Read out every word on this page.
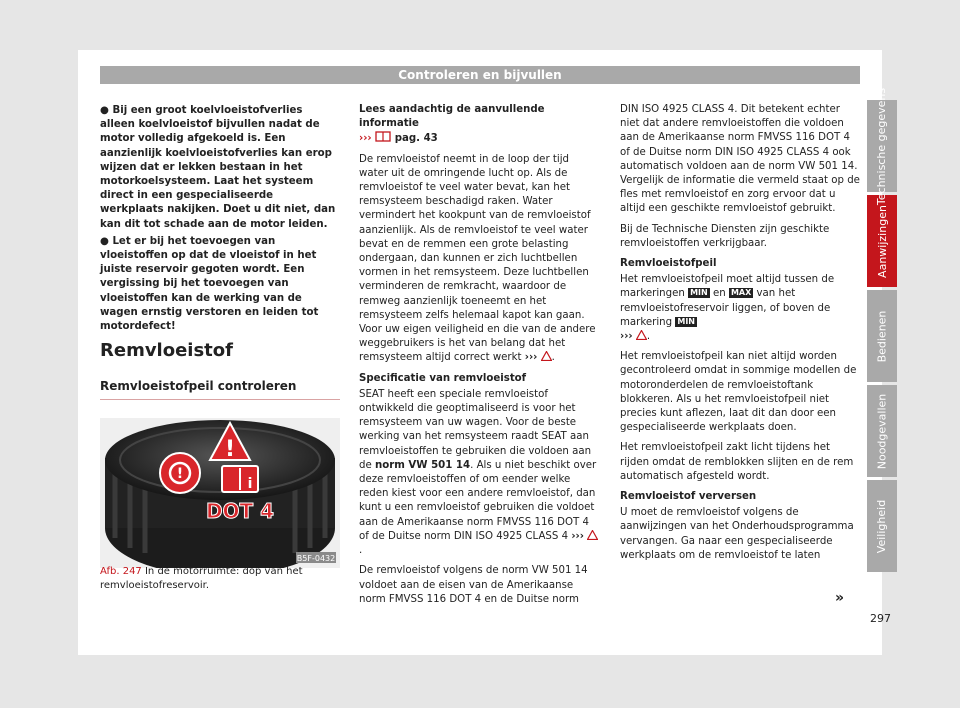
Controleren en bijvullen

● Bij een groot koelvloeistofverlies alleen koelvloeistof bijvullen nadat de motor volledig afgekoeld is. Een aanzienlijk koelvloeistofverlies kan erop wijzen dat er lekken bestaan in het motorkoelsysteem. Laat het systeem direct in een gespecialiseerde werkplaats nakijken. Doet u dit niet, dan kan dit tot schade aan de motor leiden.

● Let er bij het toevoegen van vloeistoffen op dat de vloeistof in het juiste reservoir gegoten wordt. Een vergissing bij het toevoegen van vloeistoffen kan de werking van de wagen ernstig verstoren en leiden tot motordefect!

Remvloeistof
Remvloeistofpeil controleren
!
!
i
DOT 4
B5F-0432
Afb. 247 In de motorruimte: dop van het remvloeistofreservoir.

Lees aandachtig de aanvullende informatie
››› pag. 43

De remvloeistof neemt in de loop der tijd water uit de omringende lucht op. Als de remvloeistof te veel water bevat, kan het remsysteem beschadigd raken. Water vermindert het kookpunt van de remvloeistof aanzienlijk. Als de remvloeistof te veel water bevat en de remmen een grote belasting ondergaan, dan kunnen er zich luchtbellen vormen in het remsysteem. Deze luchtbellen verminderen de remkracht, waardoor de remweg aanzienlijk toeneemt en het remsysteem zelfs helemaal kapot kan gaan. Voor uw eigen veiligheid en die van de andere weggebruikers is het van belang dat het remsysteem altijd correct werkt ››› .

Specificatie van remvloeistof

SEAT heeft een speciale remvloeistof ontwikkeld die geoptimaliseerd is voor het remsysteem van uw wagen. Voor de beste werking van het remsysteem raadt SEAT aan remvloeistoffen te gebruiken die voldoen aan de norm VW 501 14. Als u niet beschikt over deze remvloeistoffen of om eender welke reden kiest voor een andere remvloeistof, dan kunt u een remvloeistof gebruiken die voldoet aan de Amerikaanse norm FMVSS 116 DOT 4 of de Duitse norm DIN ISO 4925 CLASS 4 ››› .

De remvloeistof volgens de norm VW 501 14 voldoet aan de eisen van de Amerikaanse norm FMVSS 116 DOT 4 en de Duitse norm

DIN ISO 4925 CLASS 4. Dit betekent echter niet dat andere remvloeistoffen die voldoen aan de Amerikaanse norm FMVSS 116 DOT 4 of de Duitse norm DIN ISO 4925 CLASS 4 ook automatisch voldoen aan de norm VW 501 14. Vergelijk de informatie die vermeld staat op de fles met remvloeistof en zorg ervoor dat u altijd een geschikte remvloeistof gebruikt.

Bij de Technische Diensten zijn geschikte remvloeistoffen verkrijgbaar.

Remvloeistofpeil

Het remvloeistofpeil moet altijd tussen de markeringen MIN en MAX van het remvloeistofreservoir liggen, of boven de markering MIN
››› .

Het remvloeistofpeil kan niet altijd worden gecontroleerd omdat in sommige modellen de motoronderdelen de remvloeistoftank blokkeren. Als u het remvloeistofpeil niet precies kunt aflezen, laat dit dan door een gespecialiseerde werkplaats doen.

Het remvloeistofpeil zakt licht tijdens het rijden omdat de remblokken slijten en de rem automatisch afgesteld wordt.

Remvloeistof verversen

U moet de remvloeistof volgens de aanwijzingen van het Onderhoudsprogramma vervangen. Ga naar een gespecialiseerde werkplaats om de remvloeistof te laten

»
Technische gegevens
Aanwijzingen
Bedienen
Noodgevallen
Veiligheid
297
